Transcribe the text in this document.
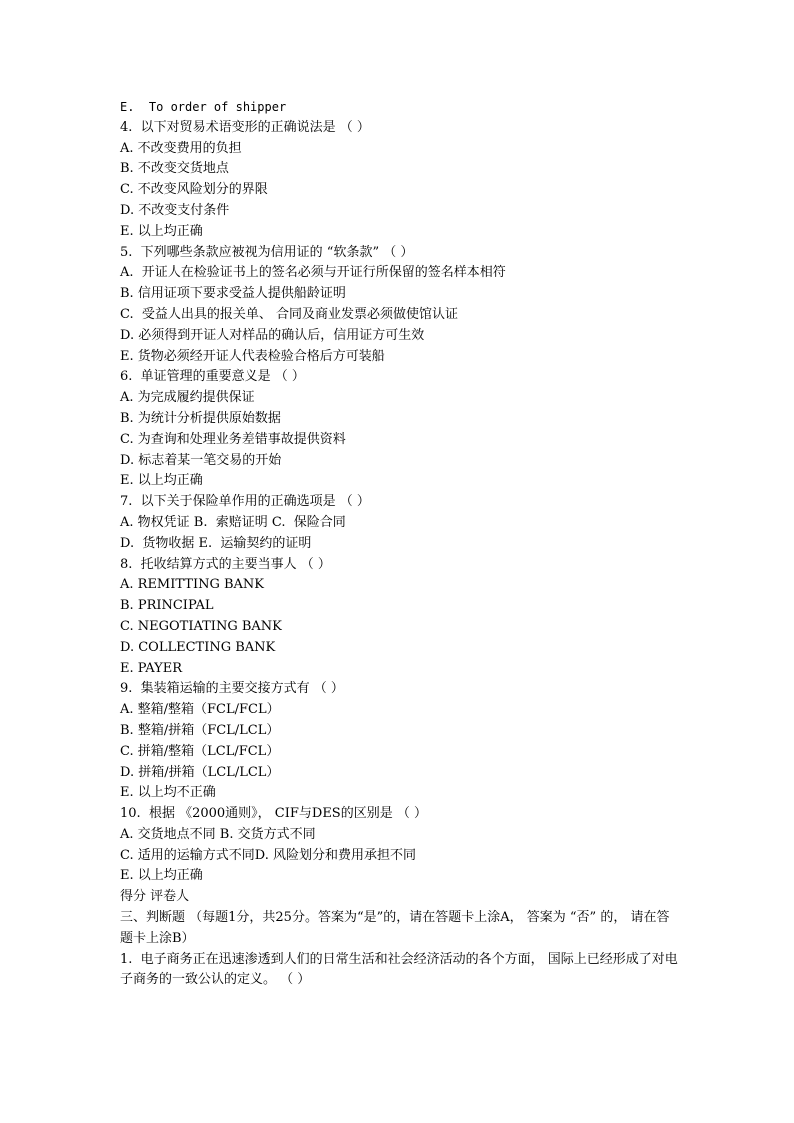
E.  To order of shipper
4.  以下对贸易术语变形的正确说法是 （ ）
A. 不改变费用的负担
B. 不改变交货地点
C. 不改变风险划分的界限
D. 不改变支付条件
E. 以上均正确
5.  下列哪些条款应被视为信用证的 “软条款” （ ）
A.  开证人在检验证书上的签名必须与开证行所保留的签名样本相符
B. 信用证项下要求受益人提供船龄证明
C.  受益人出具的报关单、 合同及商业发票必须做使馆认证
D. 必须得到开证人对样品的确认后，信用证方可生效
E. 货物必须经开证人代表检验合格后方可装船
6.  单证管理的重要意义是 （ ）
A. 为完成履约提供保证
B. 为统计分析提供原始数据
C. 为查询和处理业务差错事故提供资料
D. 标志着某一笔交易的开始
E. 以上均正确
7.  以下关于保险单作用的正确选项是 （ ）
A. 物权凭证 B.  索赔证明 C.  保险合同
D.  货物收据 E.  运输契约的证明
8.  托收结算方式的主要当事人 （ ）
A. REMITTING BANK
B. PRINCIPAL
C. NEGOTIATING BANK
D. COLLECTING BANK
E. PAYER
9.  集装箱运输的主要交接方式有 （ ）
A. 整箱/整箱（FCL/FCL）
B. 整箱/拼箱（FCL/LCL）
C. 拼箱/整箱（LCL/FCL）
D. 拼箱/拼箱（LCL/LCL）
E. 以上均不正确
10.  根据 《2000通则》， CIF与DES的区别是 （ ）
A. 交货地点不同 B. 交货方式不同
C. 适用的运输方式不同D. 风险划分和费用承担不同
E. 以上均正确
得分 评卷人
三、判断题 （每题1分，共25分。答案为“是”的，请在答题卡上涂A， 答案为 “否” 的， 请在答题卡上涂B）
1.  电子商务正在迅速渗透到人们的日常生活和社会经济活动的各个方面， 国际上已经形成了对电子商务的一致公认的定义。 （ ）
